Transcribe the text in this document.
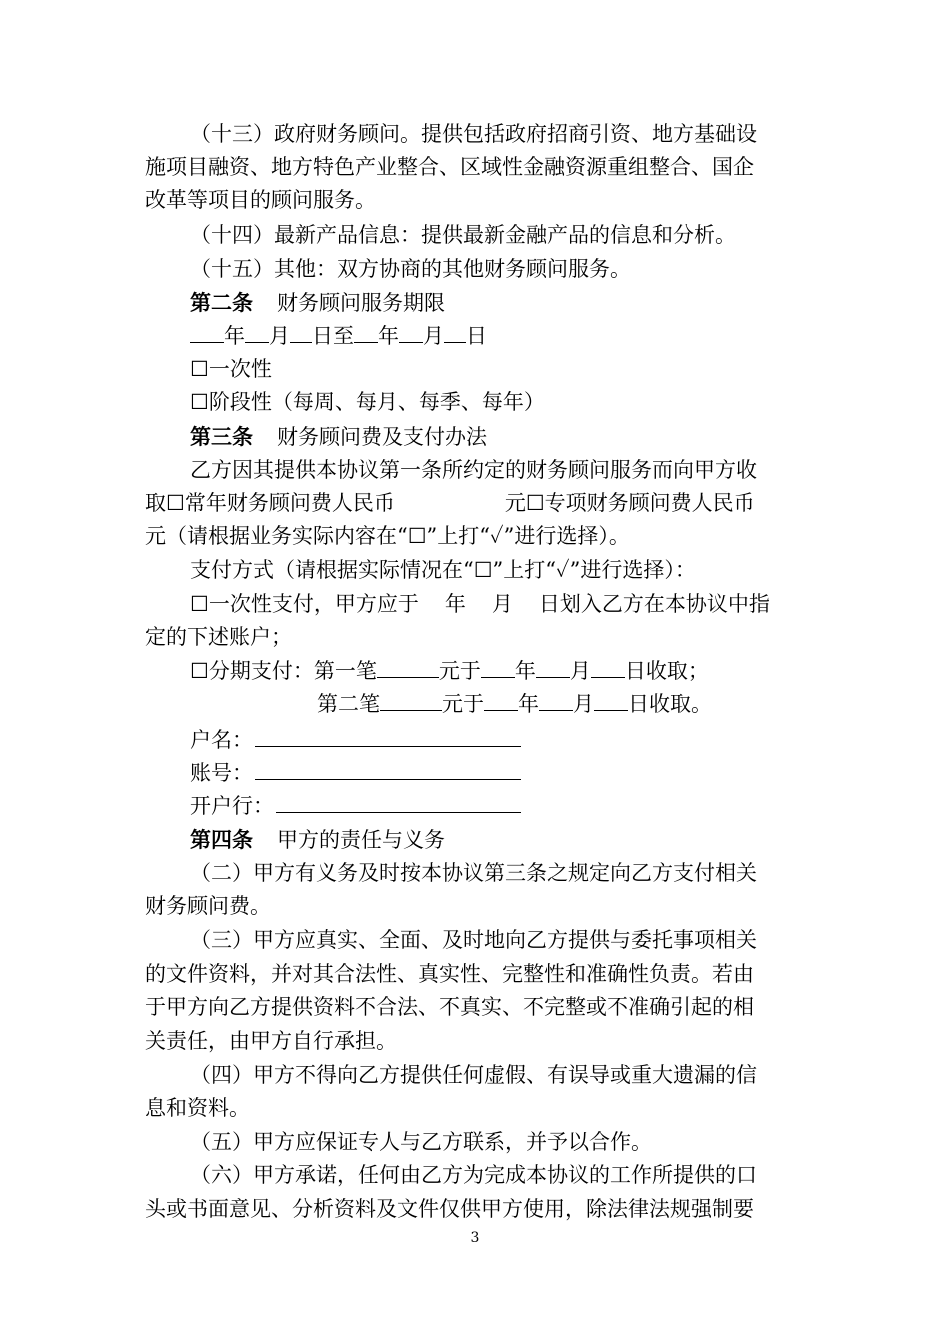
（十三）政府财务顾问。提供包括政府招商引资、地方基础设
施项目融资、地方特色产业整合、区域性金融资源重组整合、国企
改革等项目的顾问服务。
（十四）最新产品信息：提供最新金融产品的信息和分析。
（十五）其他：双方协商的其他财务顾问服务。
第二条 财务顾问服务期限
年 月 日至 年 月 日
☐一次性
☐阶段性（每周、每月、每季、每年）
第三条 财务顾问费及支付办法
乙方因其提供本协议第一条所约定的财务顾问服务而向甲方收
取☐常年财务顾问费人民币	元☐专项财务顾问费人民币
元（请根据业务实际内容在“☐”上打“✓”进行选择）。
支付方式（请根据实际情况在“☐”上打“✓”进行选择）：
☐一次性支付，甲方应于 年 月 日划入乙方在本协议中指
定的下述账户；
☐分期支付：第一笔	元于 年 月 日收取；
第二笔	元于 年 月 日收取。
户名：
账号：
开户行：
第四条 甲方的责任与义务
（二）甲方有义务及时按本协议第三条之规定向乙方支付相关
财务顾问费。
（三）甲方应真实、全面、及时地向乙方提供与委托事项相关
的文件资料，并对其合法性、真实性、完整性和准确性负责。若由
于甲方向乙方提供资料不合法、不真实、不完整或不准确引起的相
关责任，由甲方自行承担。
（四）甲方不得向乙方提供任何虚假、有误导或重大遗漏的信
息和资料。
（五）甲方应保证专人与乙方联系，并予以合作。
（六）甲方承诺，任何由乙方为完成本协议的工作所提供的口
头或书面意见、分析资料及文件仅供甲方使用，除法律法规强制要
3
